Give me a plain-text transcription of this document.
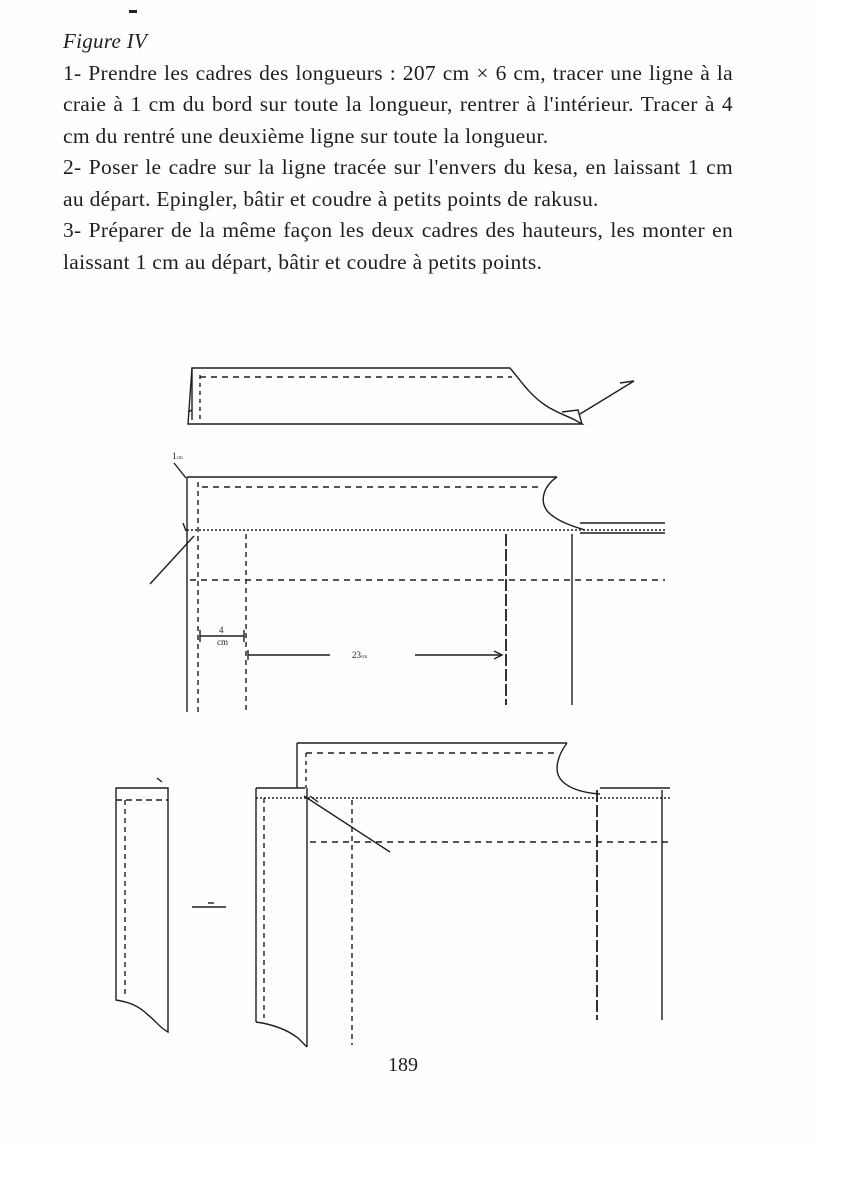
Figure IV

1- Prendre les cadres des longueurs : 207 cm × 6 cm, tracer une ligne à la craie à 1 cm du bord sur toute la longueur, rentrer à l'intérieur. Tracer à 4 cm du rentré une deuxième ligne sur toute la longueur.

2- Poser le cadre sur la ligne tracée sur l'envers du kesa, en laissant 1 cm au départ. Epingler, bâtir et coudre à petits points de rakusu.

3- Préparer de la même façon les deux cadres des hauteurs, les monter en laissant 1 cm au départ, bâtir et coudre à petits points.

1cm
4
cm
23cm
189
